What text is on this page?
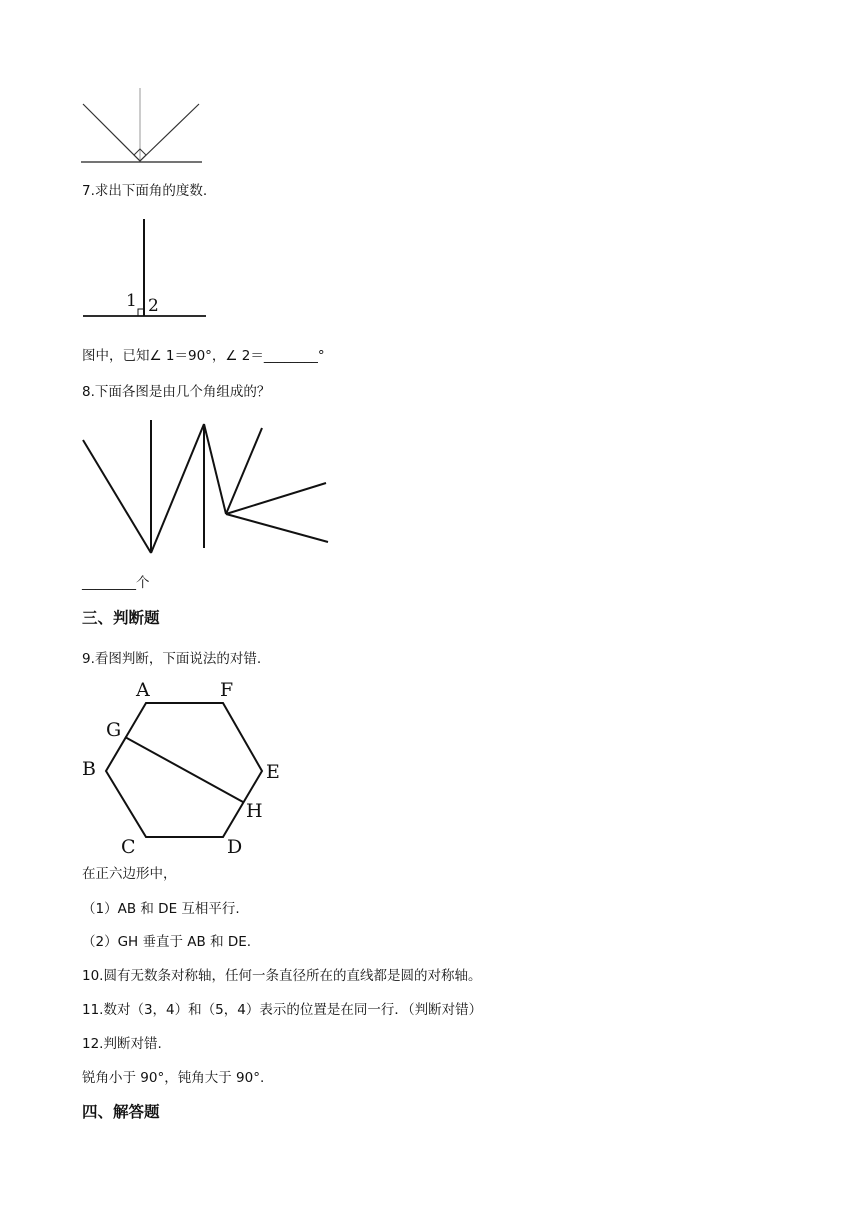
7.求出下面角的度数.
1 2
图中，已知∠ 1＝90°，∠ 2＝________°
8.下面各图是由几个角组成的？
________个
三、判断题
9.看图判断，下面说法的对错.
A	F
G
B	E
H
C	D
在正六边形中，
（1）AB 和 DE 互相平行.
（2）GH 垂直于 AB 和 DE.
10.圆有无数条对称轴，任何一条直径所在的直线都是圆的对称轴。
11.数对（3，4）和（5，4）表示的位置是在同一行．（判断对错）
12.判断对错.
锐角小于 90°，钝角大于 90°.
四、解答题
